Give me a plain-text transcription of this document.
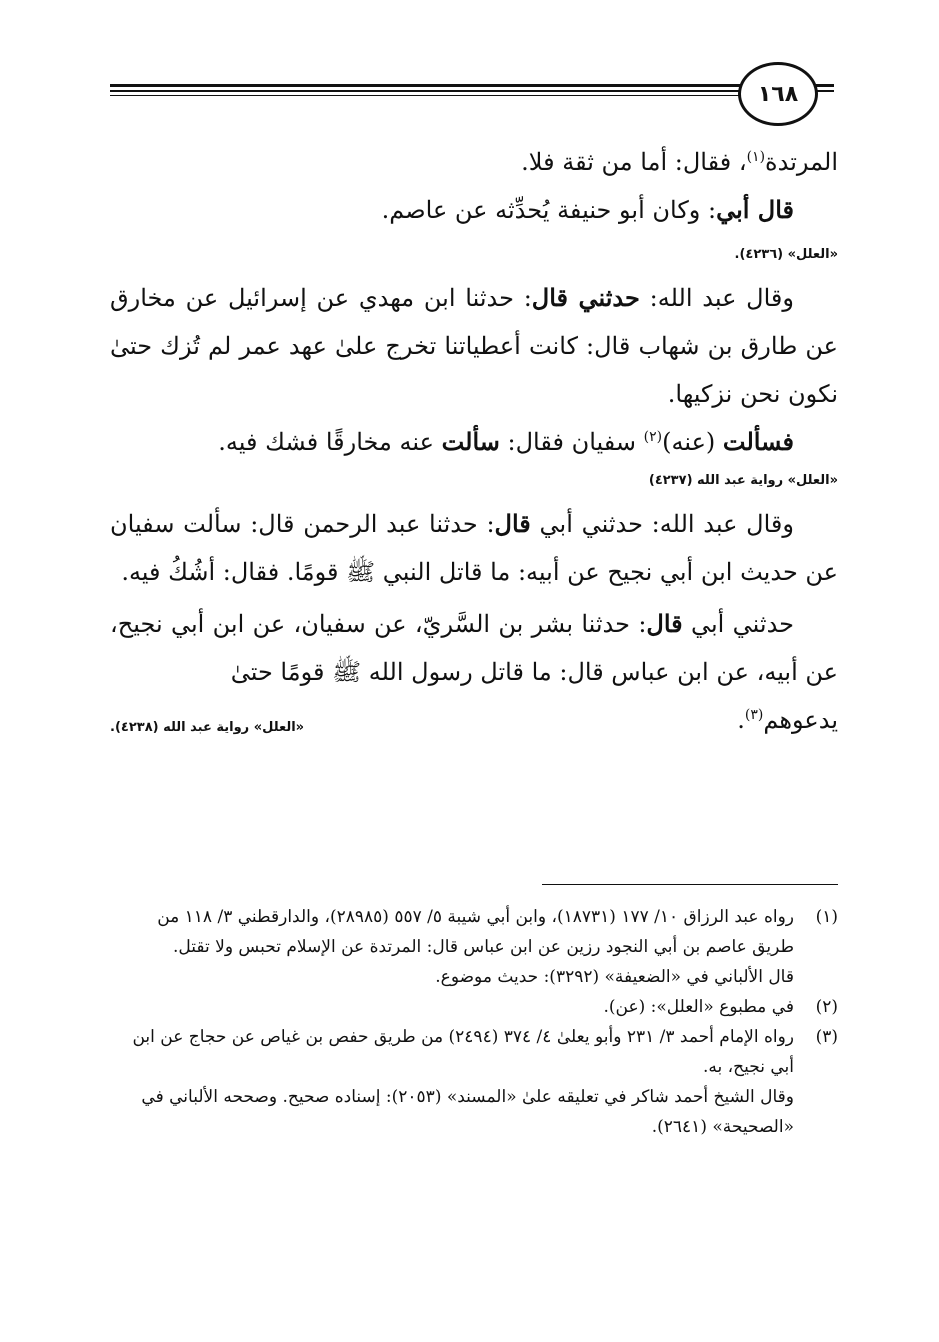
١٦٨

المرتدة$^{(١)}$، فقال: أما من ثقة فلا.

قال أبي: وكان أبو حنيفة يُحدِّثه عن عاصم.

«العلل» (٤٢٣٦).

وقال عبد الله: حدثني قال: حدثنا ابن مهدي عن إسرائيل عن مخارق عن طارق بن شهاب قال: كانت أعطياتنا تخرج علىٰ عهد عمر لم تُزك حتىٰ نكون نحن نزكيها.

فسألت (عنه)$^{(٢)}$ سفيان فقال: سألت عنه مخارقًا فشك فيه.

«العلل» رواية عبد الله (٤٢٣٧)

وقال عبد الله: حدثني أبي قال: حدثنا عبد الرحمن قال: سألت سفيان عن حديث ابن أبي نجيح عن أبيه: ما قاتل النبي ﷺ قومًا. فقال: أشُكُ فيه.

حدثني أبي قال: حدثنا بشر بن السَّريّ، عن سفيان، عن ابن أبي نجيح، عن أبيه، عن ابن عباس قال: ما قاتل رسول الله ﷺ قومًا حتىٰ

يدعوهم$^{(٣)}$.
«العلل» رواية عبد الله (٤٢٣٨).
(١)

رواه عبد الرزاق ١٠/ ١٧٧ (١٨٧٣١)، وابن أبي شيبة ٥/ ٥٥٧ (٢٨٩٨٥)، والدارقطني ٣/ ١١٨ من طريق عاصم بن أبي النجود رزين عن ابن عباس قال: المرتدة عن الإسلام تحبس ولا تقتل.

قال الألباني في «الضعيفة» (٣٢٩٢): حديث موضوع.

(٢)

في مطبوع «العلل»: (عن).

(٣)

رواه الإمام أحمد ٣/ ٢٣١ وأبو يعلىٰ ٤/ ٣٧٤ (٢٤٩٤) من طريق حفص بن غياص عن حجاج عن ابن أبي نجيح، به.

وقال الشيخ أحمد شاكر في تعليقه علىٰ «المسند» (٢٠٥٣): إسناده صحيح. وصححه الألباني في «الصحيحة» (٢٦٤١).
